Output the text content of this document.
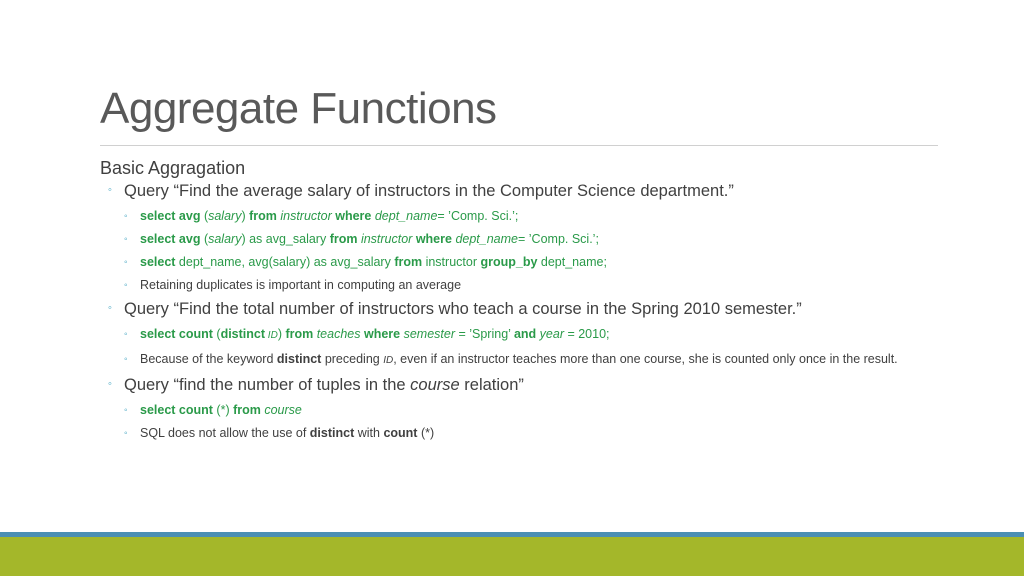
Aggregate Functions
Basic Aggragation
◦ Query “Find the average salary of instructors in the Computer Science department.”
◦ select avg (salary) from instructor where dept_name= ’Comp. Sci.’;
◦ select avg (salary) as avg_salary from instructor where dept_name= ’Comp. Sci.’;
◦ select dept_name, avg(salary) as avg_salary from instructor group_by dept_name;
◦ Retaining duplicates is important in computing an average
◦ Query “Find the total number of instructors who teach a course in the Spring 2010 semester.”
◦ select count (distinct ID) from teaches where semester = ’Spring’ and year = 2010;
◦ Because of the keyword distinct preceding ID, even if an instructor teaches more than one course, she is counted only once in the result.
◦ Query “find the number of tuples in the course relation”
◦ select count (*) from course
◦ SQL does not allow the use of distinct with count (*)
